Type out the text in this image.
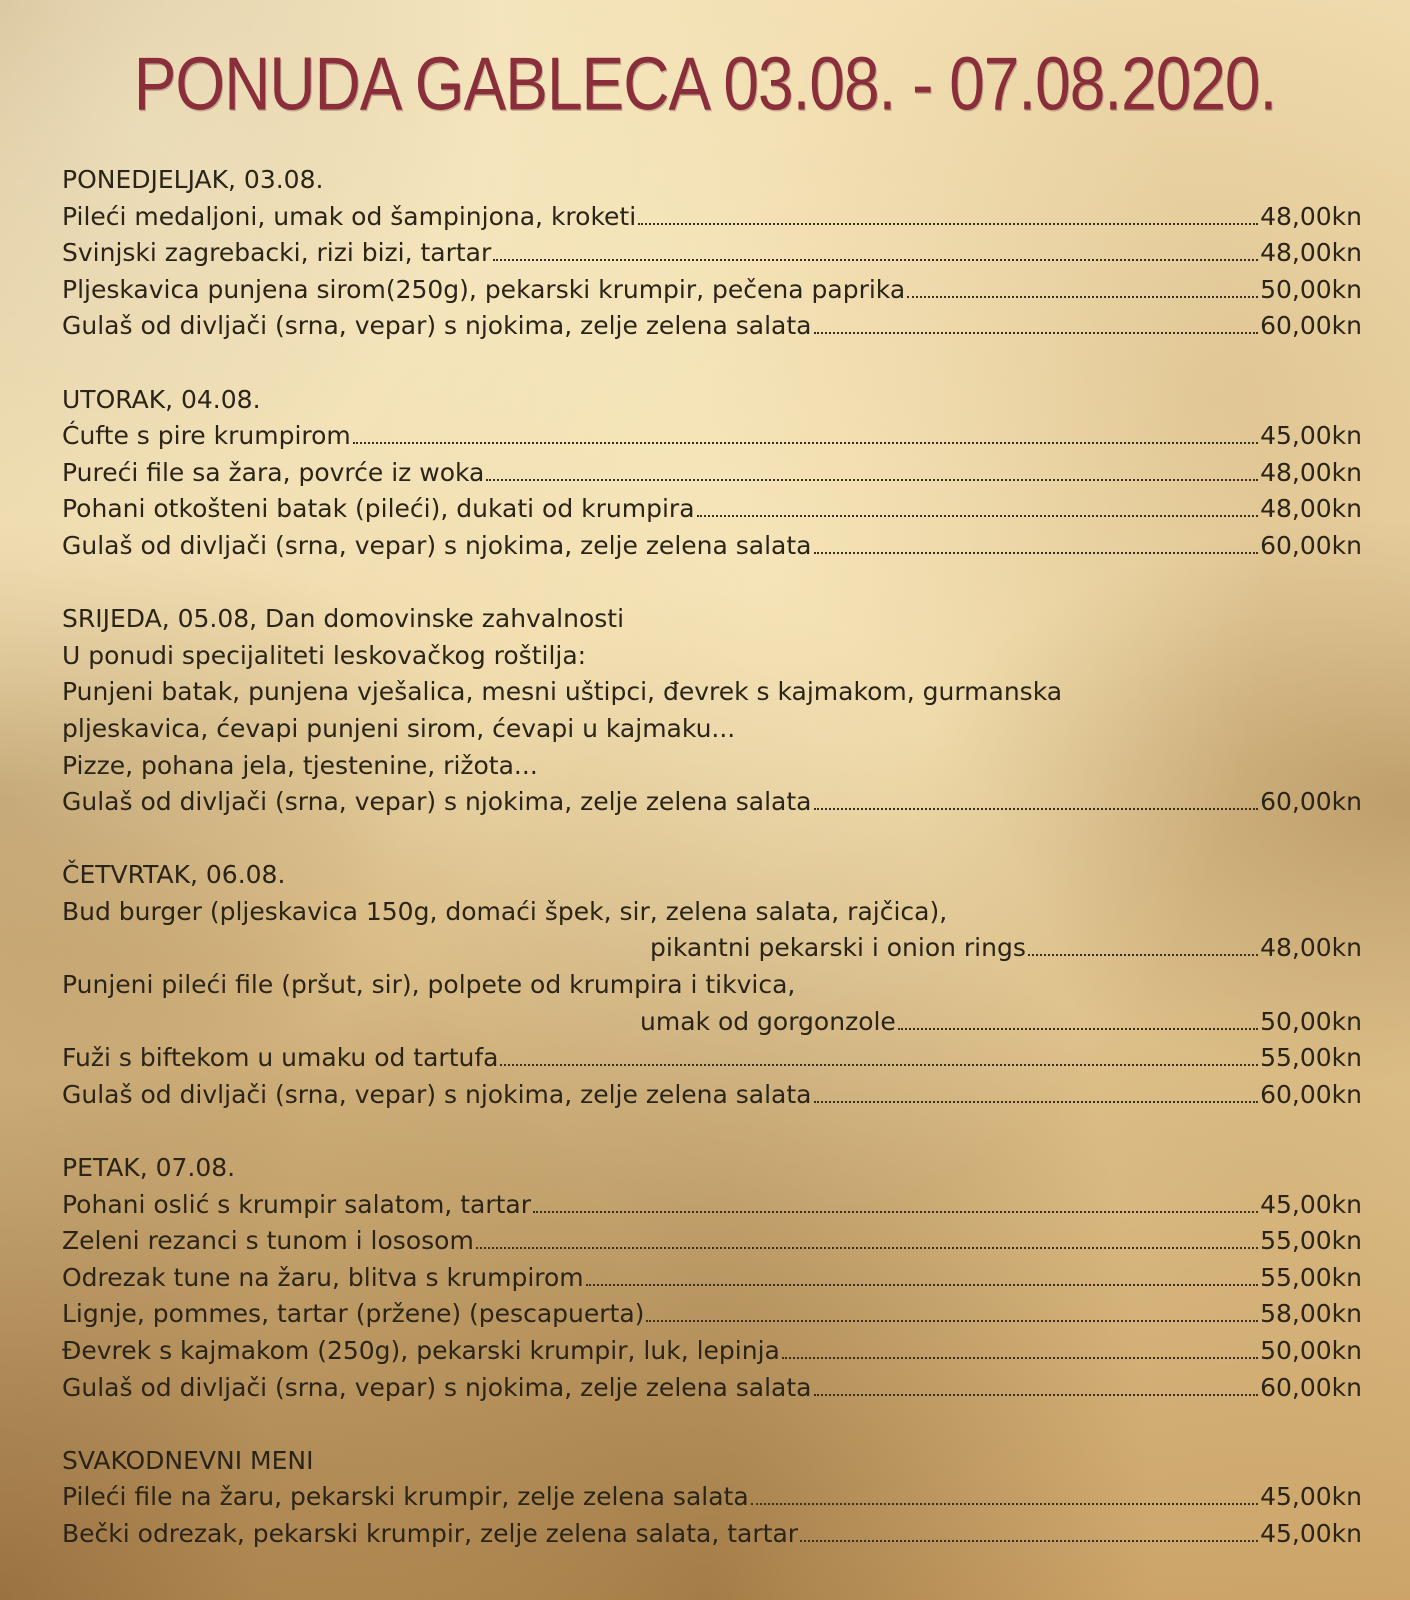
PONUDA GABLECA 03.08. - 07.08.2020.
PONEDJELJAK, 03.08.
Pileći medaljoni, umak od šampinjona, kroketi	48,00kn
Svinjski zagrebacki, rizi bizi, tartar	48,00kn
Pljeskavica punjena sirom(250g), pekarski krumpir, pečena paprika	50,00kn
Gulaš od divljači (srna, vepar) s njokima, zelje zelena salata	60,00kn
UTORAK, 04.08.
Ćufte s pire krumpirom	45,00kn
Pureći file sa žara, povrće iz woka	48,00kn
Pohani otkošteni batak (pileći), dukati od krumpira	48,00kn
Gulaš od divljači (srna, vepar) s njokima, zelje zelena salata	60,00kn
SRIJEDA, 05.08, Dan domovinske zahvalnosti
U ponudi specijaliteti leskovačkog roštilja:
Punjeni batak, punjena vješalica, mesni uštipci, đevrek s kajmakom, gurmanska
pljeskavica, ćevapi punjeni sirom, ćevapi u kajmaku...
Pizze, pohana jela, tjestenine, rižota...
Gulaš od divljači (srna, vepar) s njokima, zelje zelena salata	60,00kn
ČETVRTAK, 06.08.
Bud burger (pljeskavica 150g, domaći špek, sir, zelena salata, rajčica),
pikantni pekarski i onion rings	48,00kn
Punjeni pileći file (pršut, sir), polpete od krumpira i tikvica,
umak od gorgonzole	50,00kn
Fuži s biftekom u umaku od tartufa	55,00kn
Gulaš od divljači (srna, vepar) s njokima, zelje zelena salata	60,00kn
PETAK, 07.08.
Pohani oslić s krumpir salatom, tartar	45,00kn
Zeleni rezanci s tunom i lososom	55,00kn
Odrezak tune na žaru, blitva s krumpirom	55,00kn
Lignje, pommes, tartar (pržene) (pescapuerta)	58,00kn
Đevrek s kajmakom (250g), pekarski krumpir, luk, lepinja	50,00kn
Gulaš od divljači (srna, vepar) s njokima, zelje zelena salata	60,00kn
SVAKODNEVNI MENI
Pileći file na žaru, pekarski krumpir, zelje zelena salata	45,00kn
Bečki odrezak, pekarski krumpir, zelje zelena salata, tartar	45,00kn
